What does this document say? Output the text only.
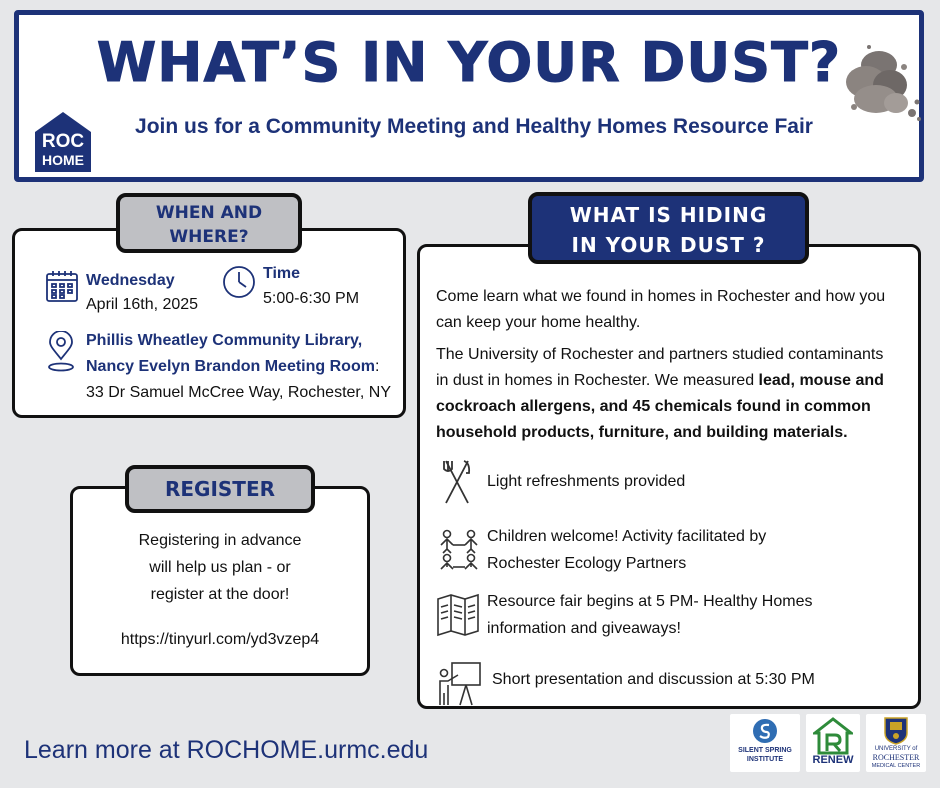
WHAT’S IN YOUR DUST?
Join us for a Community Meeting and Healthy Homes Resource Fair
ROC
HOME
Wednesday
April 16th, 2025
Time
5:00-6:30 PM
Phillis Wheatley Community Library,
Nancy Evelyn Brandon Meeting Room:
33 Dr Samuel McCree Way, Rochester, NY
WHEN AND
WHERE?
Registering in advance
will help us plan - or
register at the door!
https://tinyurl.com/yd3vzep4
REGISTER
Come learn what we found in homes in Rochester and how you
can keep your home healthy.
The University of Rochester and partners studied contaminants
in dust in homes in Rochester. We measured lead, mouse and
cockroach allergens, and 45 chemicals found in common
household products, furniture, and building materials.
Light refreshments provided
Children welcome! Activity facilitated by
Rochester Ecology Partners
Resource fair begins at 5 PM- Healthy Homes
information and giveaways!
Short presentation and discussion at 5:30 PM
WHAT IS HIDING
IN YOUR DUST ?
Learn more at ROCHOME.urmc.edu	SILENT SPRING
INSTITUTE	RENEW
UNIVERSITY of
ROCHESTER
MEDICAL CENTER
